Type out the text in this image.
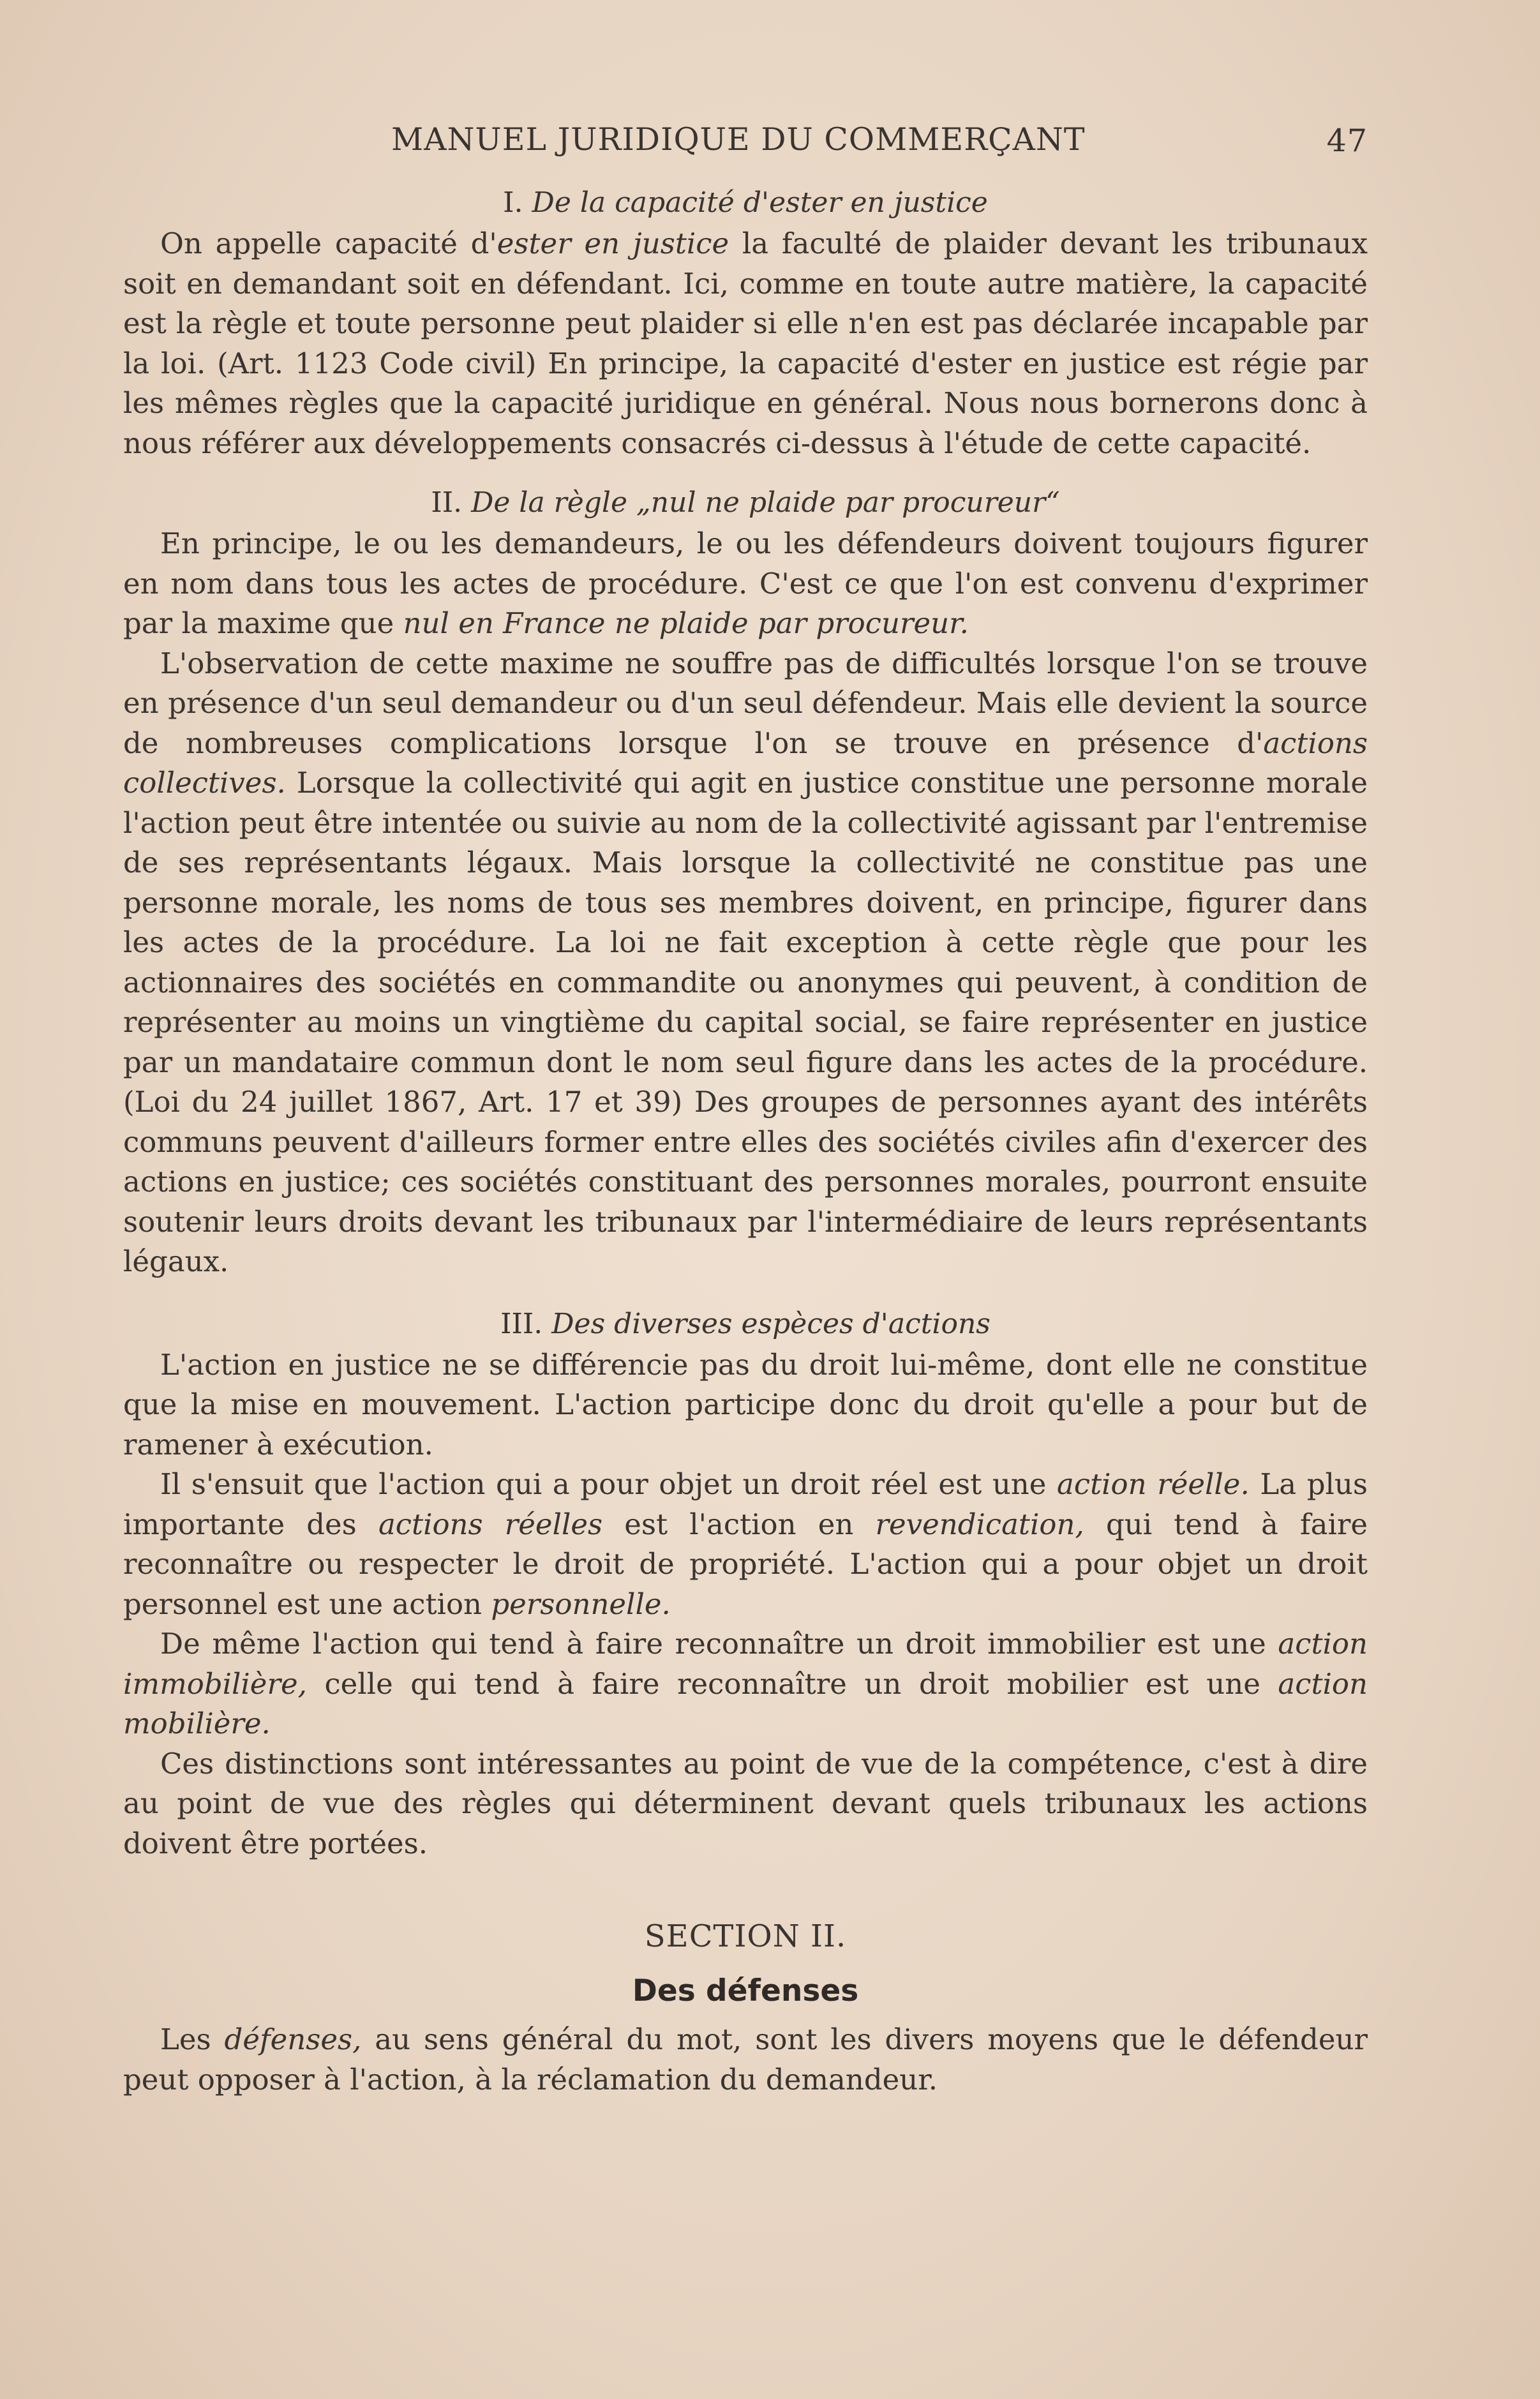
MANUEL JURIDIQUE DU COMMERÇANT	47
I. De la capacité d'ester en justice

On appelle capacité d'ester en justice la faculté de plaider devant les tribunaux soit en demandant soit en défendant. Ici, comme en toute autre matière, la capacité est la règle et toute personne peut plaider si elle n'en est pas déclarée incapable par la loi. (Art. 1123 Code civil) En principe, la capacité d'ester en justice est régie par les mêmes règles que la capacité juridique en général. Nous nous bornerons donc à nous référer aux développements consacrés ci-dessus à l'étude de cette capacité.

II. De la règle „nul ne plaide par procureur“

En principe, le ou les demandeurs, le ou les défendeurs doivent toujours figurer en nom dans tous les actes de procédure. C'est ce que l'on est convenu d'exprimer par la maxime que nul en France ne plaide par procureur.

L'observation de cette maxime ne souffre pas de difficultés lorsque l'on se trouve en présence d'un seul demandeur ou d'un seul défendeur. Mais elle devient la source de nombreuses complications lorsque l'on se trouve en présence d'actions collectives. Lorsque la collectivité qui agit en justice constitue une personne morale l'action peut être intentée ou suivie au nom de la collectivité agissant par l'entremise de ses représentants légaux. Mais lorsque la collectivité ne constitue pas une personne morale, les noms de tous ses membres doivent, en principe, figurer dans les actes de la procédure. La loi ne fait exception à cette règle que pour les actionnaires des sociétés en commandite ou anonymes qui peuvent, à condition de représenter au moins un vingtième du capital social, se faire représenter en justice par un mandataire commun dont le nom seul figure dans les actes de la procédure. (Loi du 24 juillet 1867, Art. 17 et 39) Des groupes de personnes ayant des intérêts communs peuvent d'ailleurs former entre elles des sociétés civiles afin d'exercer des actions en justice; ces sociétés constituant des personnes morales, pourront ensuite soutenir leurs droits devant les tribunaux par l'intermédiaire de leurs représentants légaux.

III. Des diverses espèces d'actions

L'action en justice ne se différencie pas du droit lui-même, dont elle ne constitue que la mise en mouvement. L'action participe donc du droit qu'elle a pour but de ramener à exécution.

Il s'ensuit que l'action qui a pour objet un droit réel est une action réelle. La plus importante des actions réelles est l'action en revendication, qui tend à faire reconnaître ou respecter le droit de propriété. L'action qui a pour objet un droit personnel est une action personnelle.

De même l'action qui tend à faire reconnaître un droit immobilier est une action immobilière, celle qui tend à faire reconnaître un droit mobilier est une action mobilière.

Ces distinctions sont intéressantes au point de vue de la compétence, c'est à dire au point de vue des règles qui déterminent devant quels tribunaux les actions doivent être portées.

SECTION II.
Des défenses

Les défenses, au sens général du mot, sont les divers moyens que le défendeur peut opposer à l'action, à la réclamation du demandeur.
